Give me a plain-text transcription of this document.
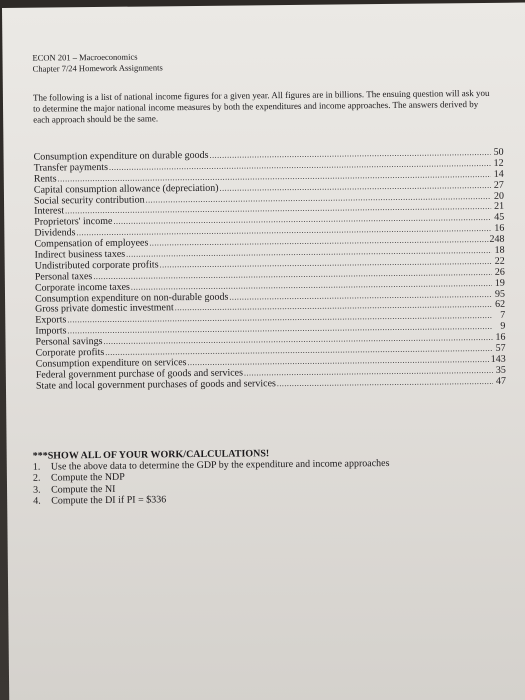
ECON 201 – Macroeconomics
Chapter 7/24 Homework Assignments
The following is a list of national income figures for a given year. All figures are in billions. The ensuing question will ask you to determine the major national income measures by both the expenditures and income approaches. The answers derived by each approach should be the same.
Consumption expenditure on durable goods .....	50
Transfer payments .....	12
Rents .....	14
Capital consumption allowance (depreciation) .....	27
Social security contribution .....	20
Interest .....	21
Proprietors' income .....	45
Dividends .....	16
Compensation of employees .....	248
Indirect business taxes .....	18
Undistributed corporate profits .....	22
Personal taxes .....	26
Corporate income taxes .....	19
Consumption expenditure on non-durable goods .....	95
Gross private domestic investment .....	62
Exports .....	7
Imports .....	9
Personal savings .....	16
Corporate profits .....	57
Consumption expenditure on services .....	143
Federal government purchase of goods and services .....	35
State and local government purchases of goods and services .....	47
***SHOW ALL OF YOUR WORK/CALCULATIONS!
1.	Use the above data to determine the GDP by the expenditure and income approaches
2.	Compute the NDP
3.	Compute the NI
4.	Compute the DI if PI = $336
